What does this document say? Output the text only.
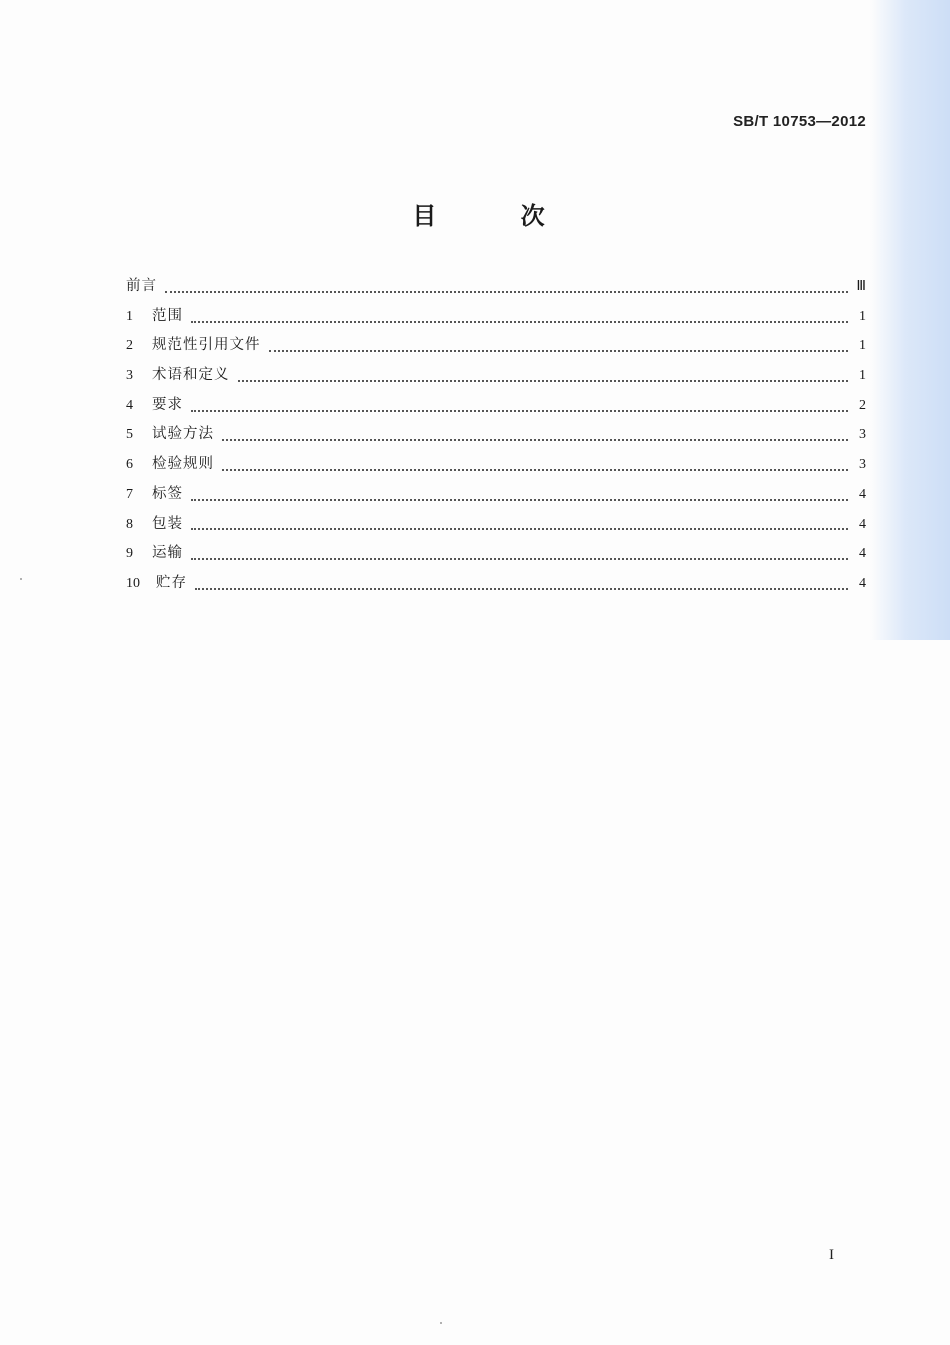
SB/T 10753—2012
目 次
前言	Ⅲ
1	范围	1
2	规范性引用文件	1
3	术语和定义	1
4	要求	2
5	试验方法	3
6	检验规则	3
7	标签	4
8	包装	4
9	运输	4
10	贮存	4
I
